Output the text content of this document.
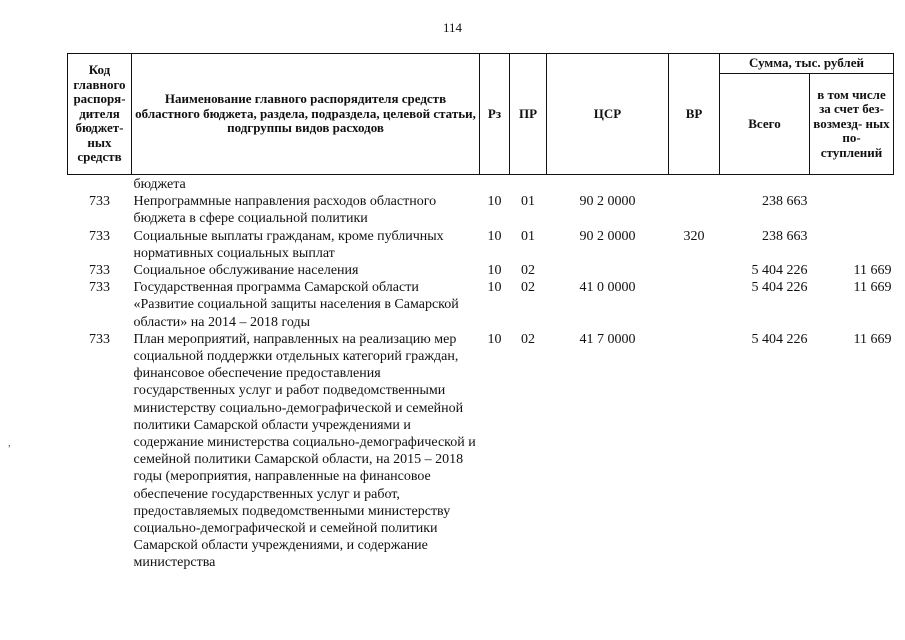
114
,
Код главного распоря- дителя бюджет- ных средств	Наименование главного распорядителя средств областного бюджета, раздела, подраздела, целевой статьи, подгруппы видов расходов	Рз	ПР	ЦСР	ВР	Сумма, тыс. рублей	
						Всего	в том числе за счет без- возмезд- ных по- ступлений
	бюджета						
733	Непрограммные направления расходов областного бюджета в сфере социальной политики	10	01	90 2 0000		238 663	
733	Социальные выплаты гражданам, кроме публичных нормативных социальных выплат	10	01	90 2 0000	320	238 663	
733	Социальное обслуживание населения	10	02			5 404 226	11 669
733	Государственная программа Самарской области «Развитие социальной защиты населения в Самарской области» на 2014 – 2018 годы	10	02	41 0 0000		5 404 226	11 669
733	План мероприятий, направленных на реализацию мер социальной поддержки отдельных категорий граждан, финансовое обеспечение предоставления государственных услуг и работ подведомственными министерству социально-демографической и семейной политики Самарской области учреждениями и содержание министерства социально-демографической и семейной политики Самарской области, на 2015 – 2018 годы (мероприятия, направленные на финансовое обеспечение государственных услуг и работ, предоставляемых подведомственными министерству социально-демографической и семейной политики Самарской области учреждениями, и содержание министерства	10	02	41 7 0000		5 404 226	11 669
